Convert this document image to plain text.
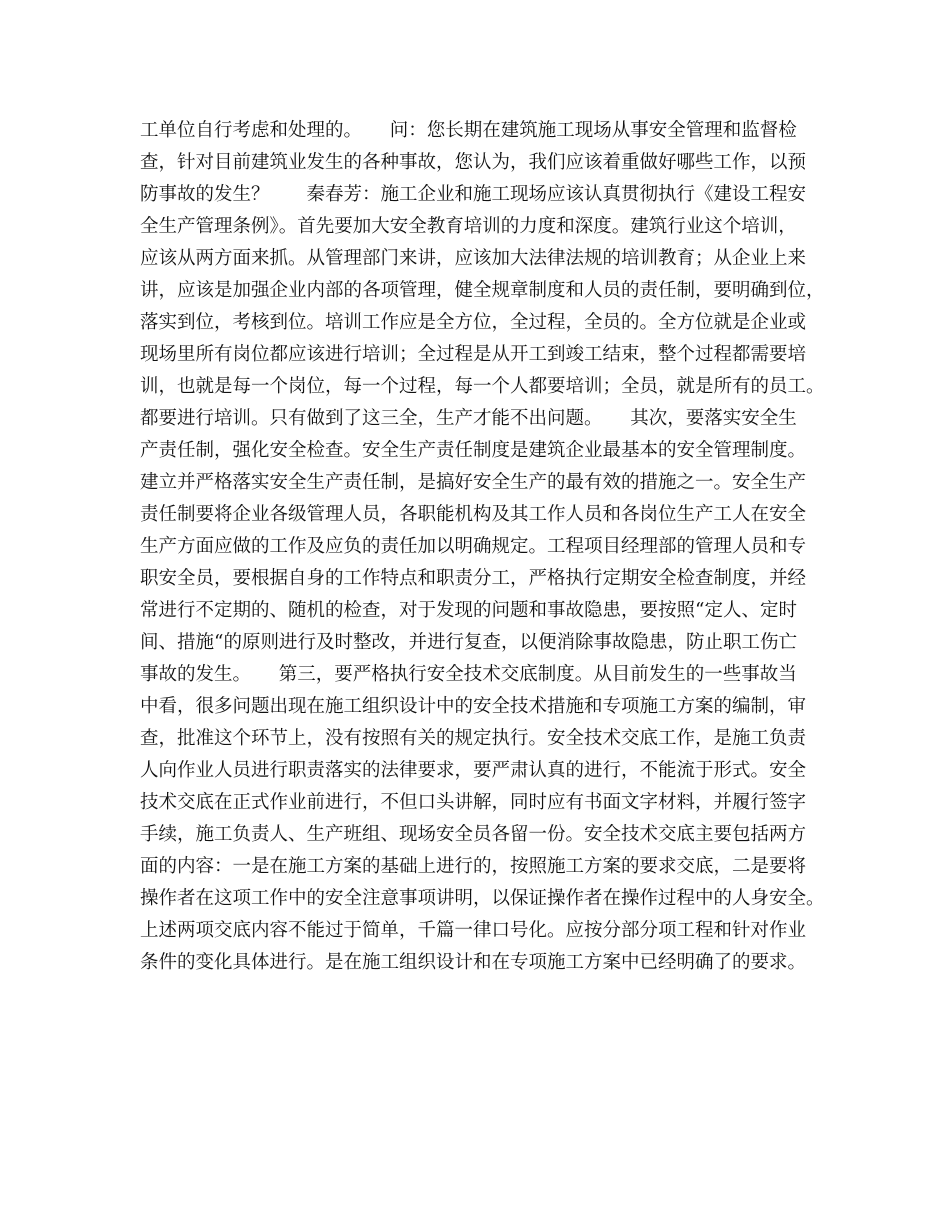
工单位自行考虑和处理的。　　问：您长期在建筑施工现场从事安全管理和监督检
查，针对目前建筑业发生的各种事故，您认为，我们应该着重做好哪些工作，以预
防事故的发生？　　秦春芳：施工企业和施工现场应该认真贯彻执行《建设工程安
全生产管理条例》。首先要加大安全教育培训的力度和深度。建筑行业这个培训，
应该从两方面来抓。从管理部门来讲，应该加大法律法规的培训教育；从企业上来
讲，应该是加强企业内部的各项管理，健全规章制度和人员的责任制，要明确到位，
落实到位，考核到位。培训工作应是全方位，全过程，全员的。全方位就是企业或
现场里所有岗位都应该进行培训；全过程是从开工到竣工结束，整个过程都需要培
训，也就是每一个岗位，每一个过程，每一个人都要培训；全员，就是所有的员工。
都要进行培训。只有做到了这三全，生产才能不出问题。　　其次，要落实安全生
产责任制，强化安全检查。安全生产责任制度是建筑企业最基本的安全管理制度。
建立并严格落实安全生产责任制，是搞好安全生产的最有效的措施之一。安全生产
责任制要将企业各级管理人员，各职能机构及其工作人员和各岗位生产工人在安全
生产方面应做的工作及应负的责任加以明确规定。工程项目经理部的管理人员和专
职安全员，要根据自身的工作特点和职责分工，严格执行定期安全检查制度，并经
常进行不定期的、随机的检查，对于发现的问题和事故隐患，要按照“定人、定时
间、措施“的原则进行及时整改，并进行复查，以便消除事故隐患，防止职工伤亡
事故的发生。　　第三，要严格执行安全技术交底制度。从目前发生的一些事故当
中看，很多问题出现在施工组织设计中的安全技术措施和专项施工方案的编制，审
查，批准这个环节上，没有按照有关的规定执行。安全技术交底工作，是施工负责
人向作业人员进行职责落实的法律要求，要严肃认真的进行，不能流于形式。安全
技术交底在正式作业前进行，不但口头讲解，同时应有书面文字材料，并履行签字
手续，施工负责人、生产班组、现场安全员各留一份。安全技术交底主要包括两方
面的内容：一是在施工方案的基础上进行的，按照施工方案的要求交底，二是要将
操作者在这项工作中的安全注意事项讲明，以保证操作者在操作过程中的人身安全。
上述两项交底内容不能过于简单，千篇一律口号化。应按分部分项工程和针对作业
条件的变化具体进行。是在施工组织设计和在专项施工方案中已经明确了的要求。
